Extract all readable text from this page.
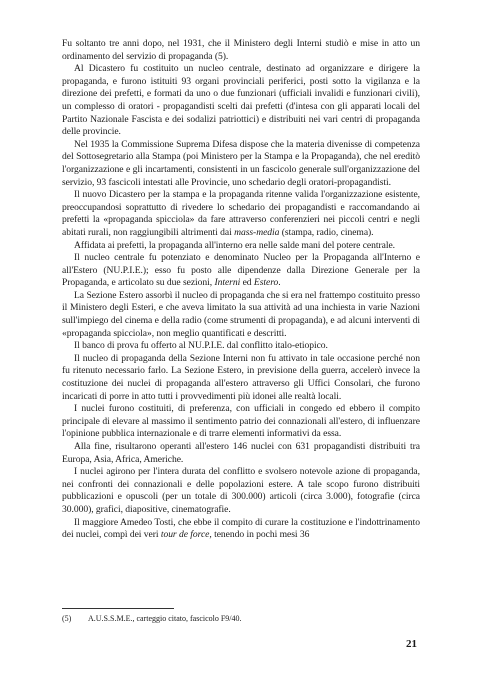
Fu soltanto tre anni dopo, nel 1931, che il Ministero degli Interni studiò e mise in atto un ordinamento del servizio di propaganda (5).

Al Dicastero fu costituito un nucleo centrale, destinato ad organizzare e dirigere la propaganda, e furono istituiti 93 organi provinciali periferici, posti sotto la vigilanza e la direzione dei prefetti, e formati da uno o due funzionari (ufficiali invalidi e funzionari civili), un complesso di oratori - propagandisti scelti dai prefetti (d'intesa con gli apparati locali del Partito Nazionale Fascista e dei sodalizi patriottici) e distribuiti nei vari centri di propaganda delle provincie.

Nel 1935 la Commissione Suprema Difesa dispose che la materia divenisse di competenza del Sottosegretario alla Stampa (poi Ministero per la Stampa e la Propaganda), che nel ereditò l'organizzazione e gli incartamenti, consistenti in un fascicolo generale sull'organizzazione del servizio, 93 fascicoli intestati alle Provincie, uno schedario degli oratori-propagandisti.

Il nuovo Dicastero per la stampa e la propaganda ritenne valida l'organizzazione esistente, preoccupandosi soprattutto di rivedere lo schedario dei propagandisti e raccomandando ai prefetti la «propaganda spicciola» da fare attraverso conferenzieri nei piccoli centri e negli abitati rurali, non raggiungibili altrimenti dai mass-media (stampa, radio, cinema).

Affidata ai prefetti, la propaganda all'interno era nelle salde mani del potere centrale.

Il nucleo centrale fu potenziato e denominato Nucleo per la Propaganda all'Interno e all'Estero (NU.P.I.E.); esso fu posto alle dipendenze dalla Direzione Generale per la Propaganda, e articolato su due sezioni, Interni ed Estero.

La Sezione Estero assorbì il nucleo di propaganda che si era nel frattempo costituito presso il Ministero degli Esteri, e che aveva limitato la sua attività ad una inchiesta in varie Nazioni sull'impiego del cinema e della radio (come strumenti di propaganda), e ad alcuni interventi di «propaganda spicciola», non meglio quantificati e descritti.

Il banco di prova fu offerto al NU.P.I.E. dal conflitto italo-etiopico.

Il nucleo di propaganda della Sezione Interni non fu attivato in tale occasione perché non fu ritenuto necessario farlo. La Sezione Estero, in previsione della guerra, accelerò invece la costituzione dei nuclei di propaganda all'estero attraverso gli Uffici Consolari, che furono incaricati di porre in atto tutti i provvedimenti più idonei alle realtà locali.

I nuclei furono costituiti, di preferenza, con ufficiali in congedo ed ebbero il compito principale di elevare al massimo il sentimento patrio dei connazionali all'estero, di influenzare l'opinione pubblica internazionale e di trarre elementi informativi da essa.

Alla fine, risultarono operanti all'estero 146 nuclei con 631 propagandisti distribuiti tra Europa, Asia, Africa, Americhe.

I nuclei agirono per l'intera durata del conflitto e svolsero notevole azione di propaganda, nei confronti dei connazionali e delle popolazioni estere. A tale scopo furono distribuiti pubblicazioni e opuscoli (per un totale di 300.000) articoli (circa 3.000), fotografie (circa 30.000), grafici, diapositive, cinematografie.

Il maggiore Amedeo Tosti, che ebbe il compito di curare la costituzione e l'indottrinamento dei nuclei, compì dei veri tour de force, tenendo in pochi mesi 36

(5) A.U.S.S.M.E., carteggio citato, fascicolo F9/40.
21
